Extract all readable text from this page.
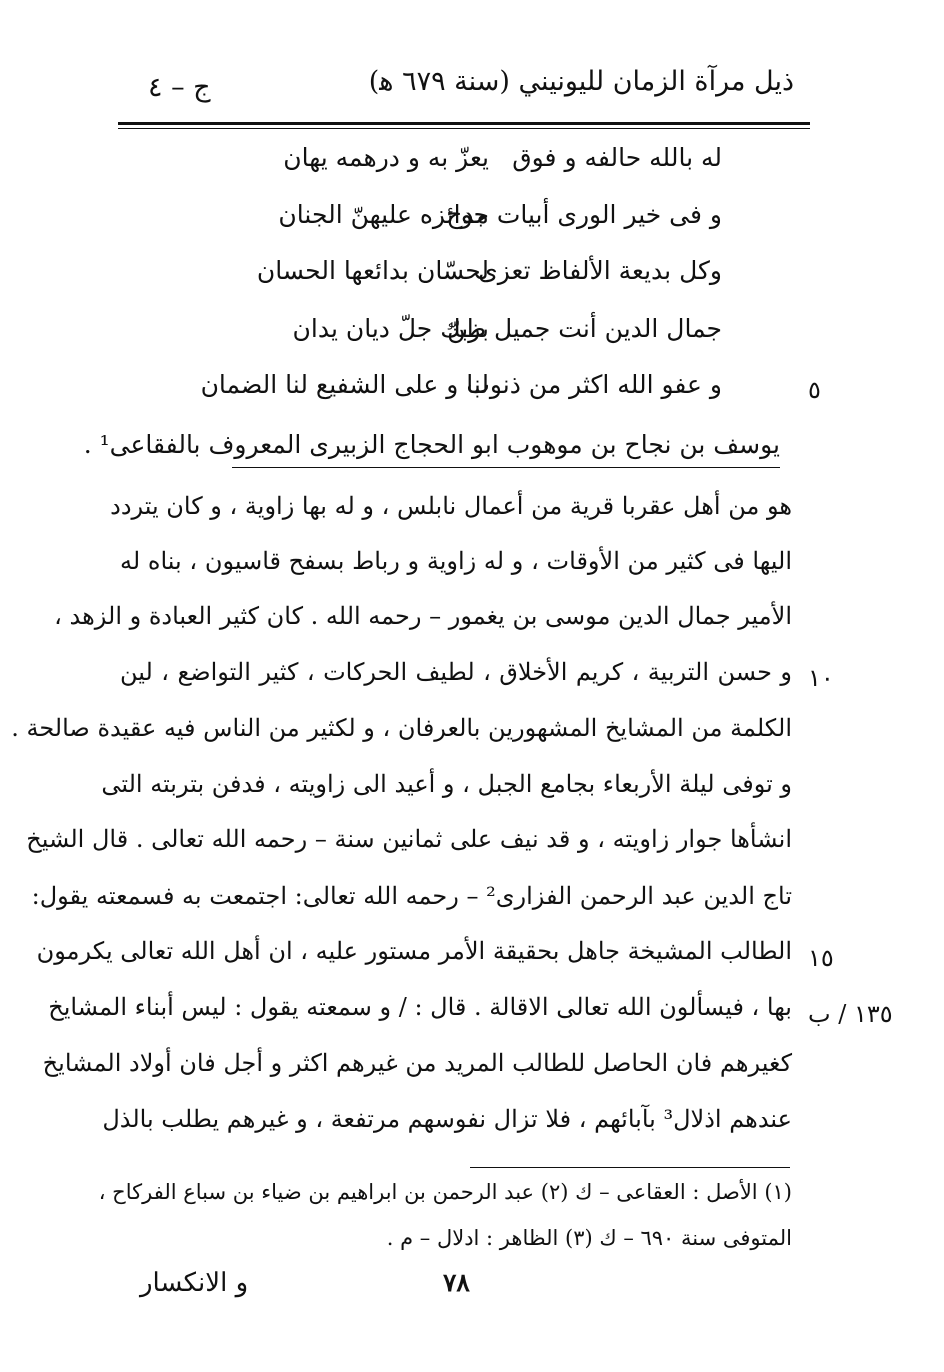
ذيل مرآة الزمان لليونيني (سنة ٦٧٩ ﻫ)
ج – ٤
له بالله حالفه و فوق
يعزّ به و درهمه يهان
و فى خير الورى أبيات مدح
جوائزه عليهنّ الجنان
وكل بديعة الألفاظ تعزى
لحسّان بدائعها الحسان
جمال الدين أنت جميل ظنّ
بربك جلّ ديان يدان
و عفو الله اكثر من ذنوب
لنا و على الشفيع لنا الضمان	٥
يوسف بن نجاح بن موهوب ابو الحجاج الزبيرى المعروف بالفقاعى¹ .
هو من أهل عقربا قرية من أعمال نابلس ، و له بها زاوية ، و كان يتردد
اليها فى كثير من الأوقات ، و له زاوية و رباط بسفح قاسيون ، بناه له
الأمير جمال الدين موسى بن يغمور – رحمه الله . كان كثير العبادة و الزهد ،
و حسن التربية ، كريم الأخلاق ، لطيف الحركات ، كثير التواضع ، لين
الكلمة من المشايخ المشهورين بالعرفان ، و لكثير من الناس فيه عقيدة صالحة .
و توفى ليلة الأربعاء بجامع الجبل ، و أعيد الى زاويته ، فدفن بتربته التى
انشأها جوار زاويته ، و قد نيف على ثمانين سنة – رحمه الله تعالى . قال الشيخ
تاج الدين عبد الرحمن الفزارى² – رحمه الله تعالى: اجتمعت به فسمعته يقول:
الطالب المشيخة جاهل بحقيقة الأمر مستور عليه ، ان أهل الله تعالى يكرمون
بها ، فيسألون الله تعالى الاقالة . قال : / و سمعته يقول : ليس أبناء المشايخ
كغيرهم فان الحاصل للطالب المريد من غيرهم اكثر و أجل فان أولاد المشايخ
عندهم اذلال³ بآبائهم ، فلا تزال نفوسهم مرتفعة ، و غيرهم يطلب بالذل
١٠
١٥
١٣٥ / ب
(١) الأصل : العقاعى – ك (٢) عبد الرحمن بن ابراهيم بن ضياء بن سباع الفركاح ،
المتوفى سنة ٦٩٠ – ك (٣) الظاهر : ادلال – م .
٧٨
و الانكسار
